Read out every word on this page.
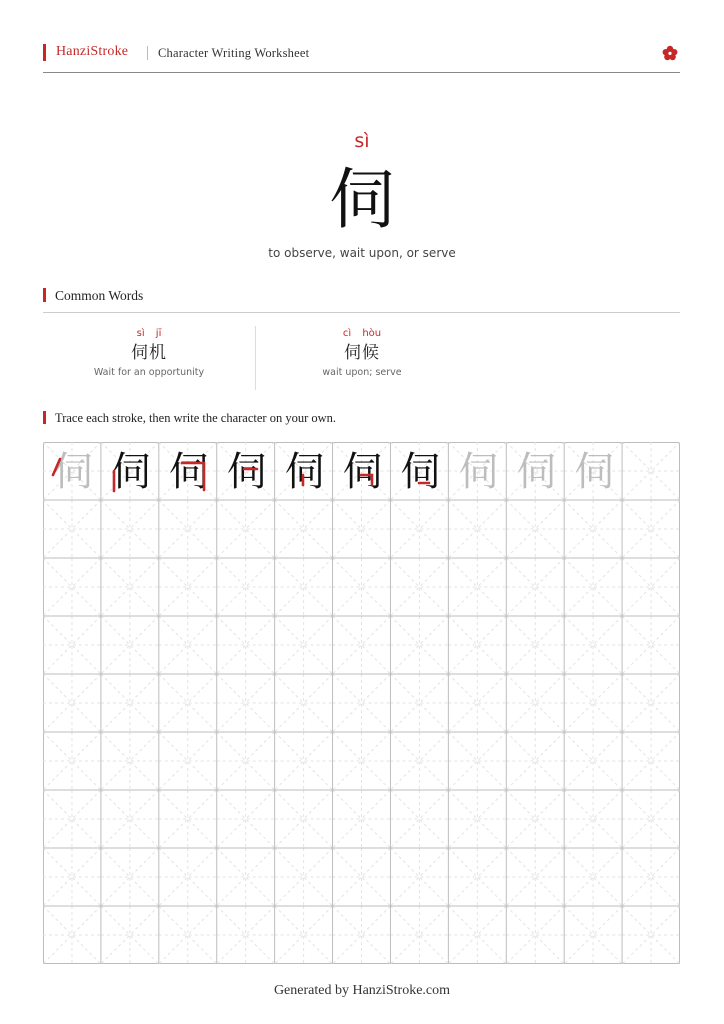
HanziStroke Character Writing Worksheet
sì
伺
to observe, wait upon, or serve
Common Words
sì jī
伺机
Wait for an opportunity
cì hòu
伺候
wait upon; serve
Trace each stroke, then write the character on your own.
伺 伺 伺 伺 伺 伺 伺 伺 伺 伺
Generated by HanziStroke.com
